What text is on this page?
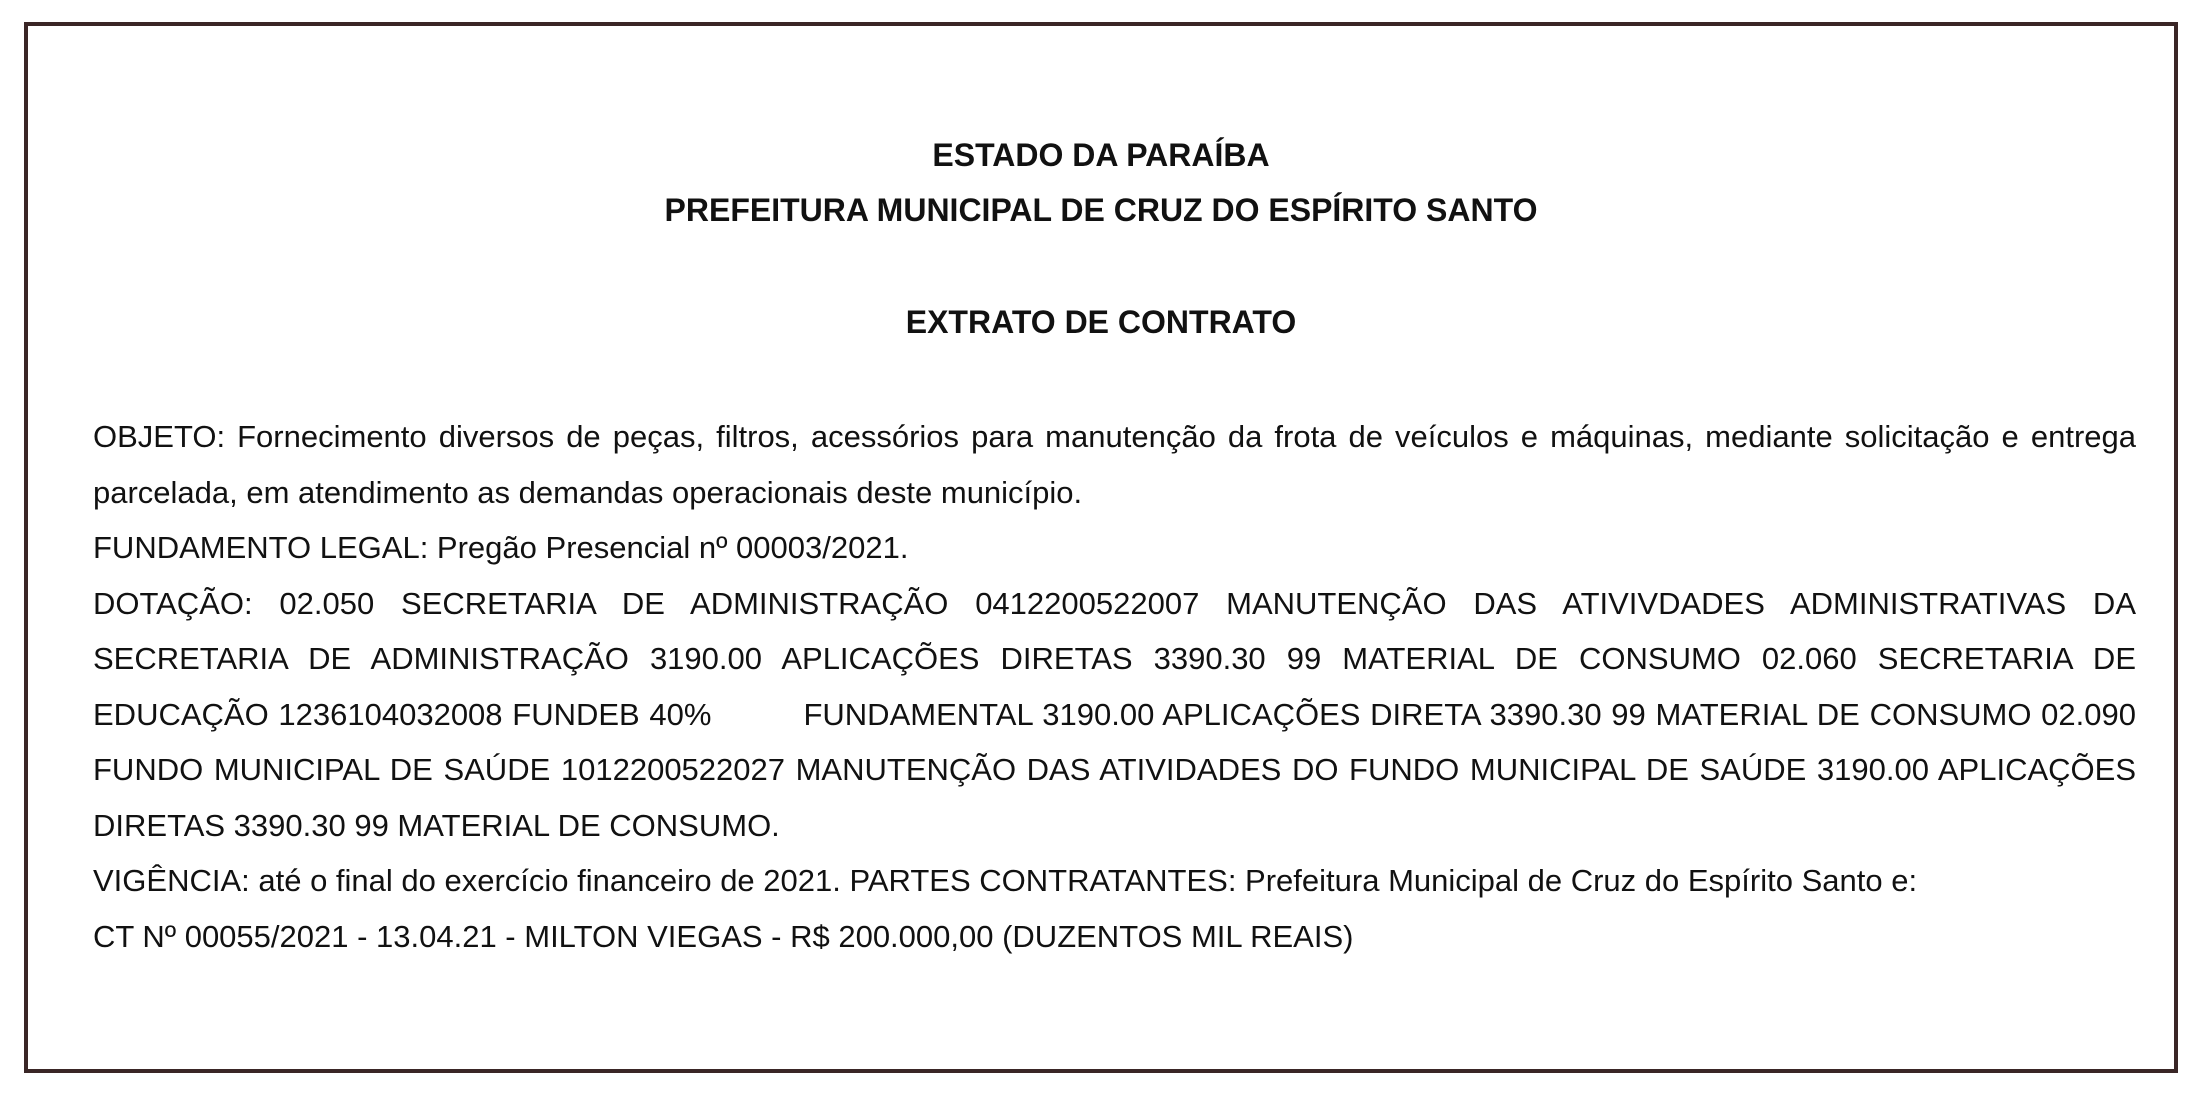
ESTADO DA PARAÍBA
PREFEITURA MUNICIPAL DE CRUZ DO ESPÍRITO SANTO
EXTRATO DE CONTRATO

OBJETO: Fornecimento diversos de peças, filtros, acessórios para manutenção da frota de veículos e máquinas, mediante solicitação e entrega parcelada, em atendimento as demandas operacionais deste município.

FUNDAMENTO LEGAL: Pregão Presencial nº 00003/2021.

DOTAÇÃO: 02.050 SECRETARIA DE ADMINISTRAÇÃO 0412200522007 MANUTENÇÃO DAS ATIVIVDADES ADMINISTRATIVAS DA SECRETARIA DE ADMINISTRAÇÃO 3190.00 APLICAÇÕES DIRETAS 3390.30 99 MATERIAL DE CONSUMO 02.060 SECRETARIA DE EDUCAÇÃO 1236104032008 FUNDEB 40%	FUNDAMENTAL 3190.00 APLICAÇÕES DIRETA 3390.30 99 MATERIAL DE CONSUMO 02.090 FUNDO MUNICIPAL DE SAÚDE 1012200522027 MANUTENÇÃO DAS ATIVIDADES DO FUNDO MUNICIPAL DE SAÚDE 3190.00 APLICAÇÕES DIRETAS 3390.30 99 MATERIAL DE CONSUMO.

VIGÊNCIA: até o final do exercício financeiro de 2021. PARTES CONTRATANTES: Prefeitura Municipal de Cruz do Espírito Santo e:

CT Nº 00055/2021 - 13.04.21 - MILTON VIEGAS - R$ 200.000,00 (DUZENTOS MIL REAIS)
